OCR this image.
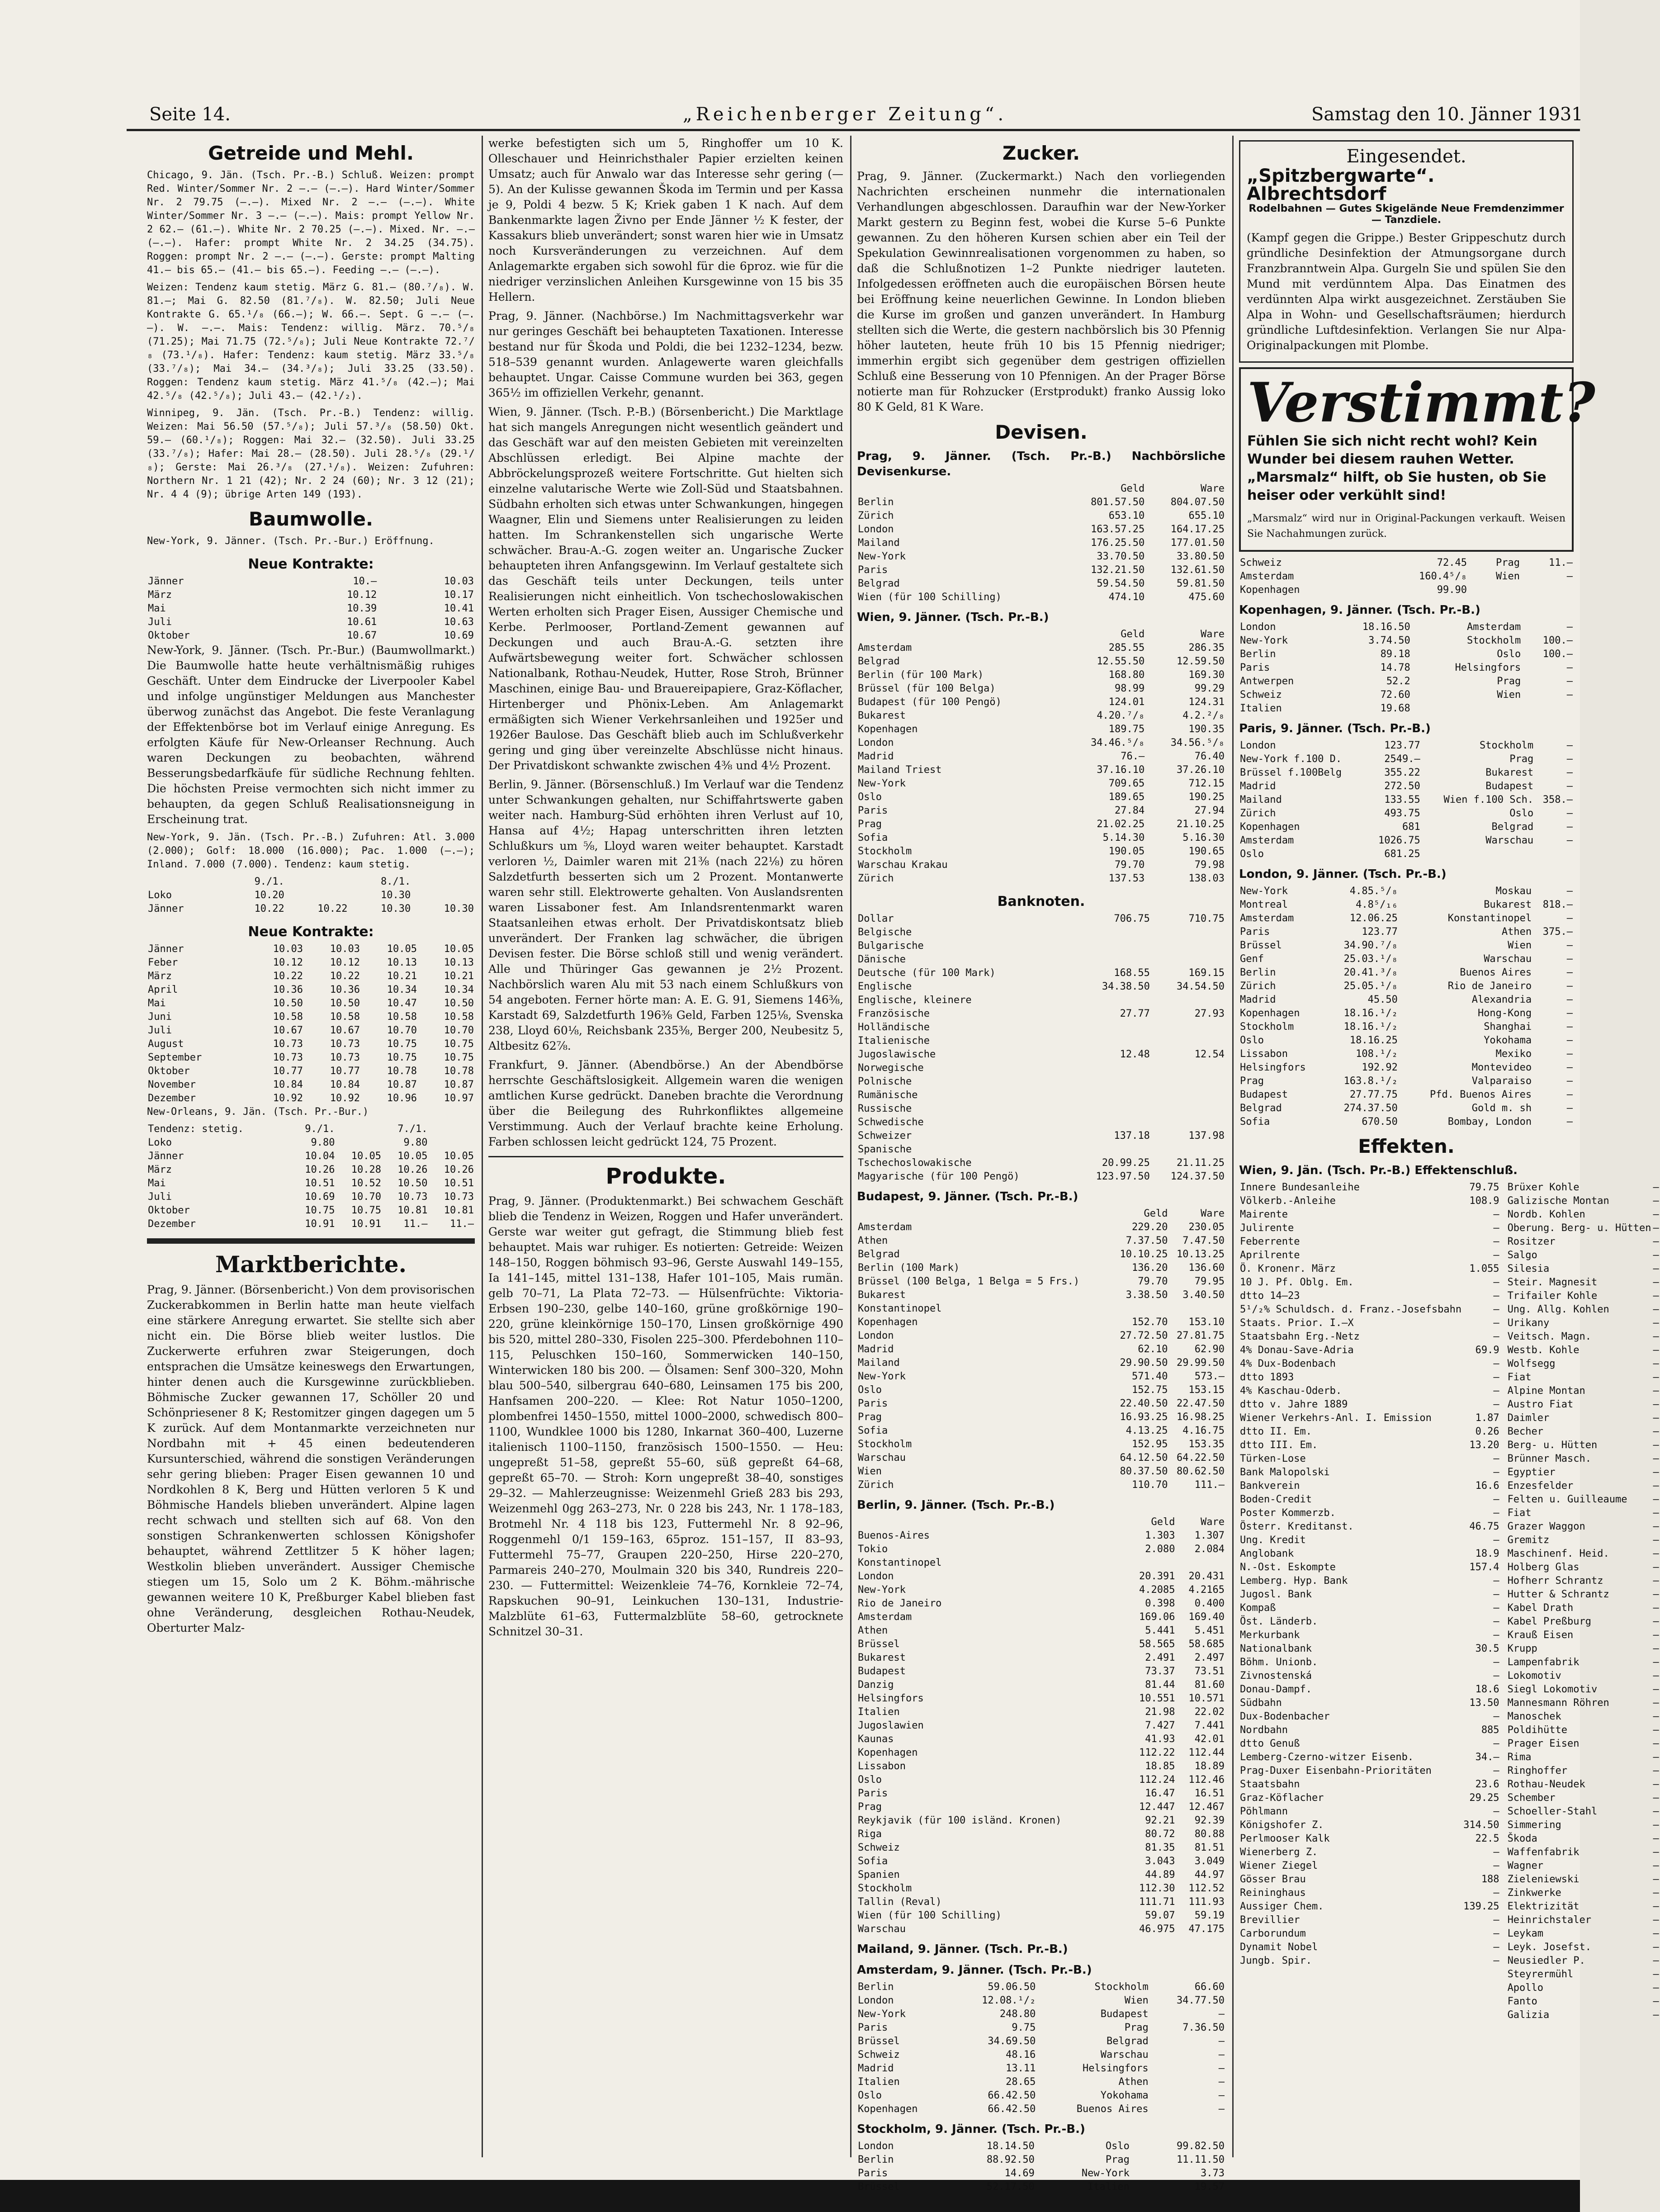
Seite 14.	„Reichenberger Zeitung“.	Samstag den 10. Jänner 1931
Getreide und Mehl.

Chicago, 9. Jän. (Tsch. Pr.-B.) Schluß. Weizen: prompt Red. Winter/Sommer Nr. 2 —.— (—.—). Hard Winter/Sommer Nr. 2 79.75 (—.—). Mixed Nr. 2 —.— (—.—). White Winter/Sommer Nr. 3 —.— (—.—). Mais: prompt Yellow Nr. 2 62.— (61.—). White Nr. 2 70.25 (—.—). Mixed. Nr. —.— (—.—). Hafer: prompt White Nr. 2 34.25 (34.75). Roggen: prompt Nr. 2 —.— (—.—). Gerste: prompt Malting 41.— bis 65.— (41.— bis 65.—). Feeding —.— (—.—).

Weizen: Tendenz kaum stetig. März G. 81.— (80.⁷/₈). W. 81.—; Mai G. 82.50 (81.⁷/₈). W. 82.50; Juli Neue Kontrakte G. 65.¹/₈ (66.—); W. 66.—. Sept. G —.— (—.—). W. —.—. Mais: Tendenz: willig. März. 70.⁵/₈ (71.25); Mai 71.75 (72.⁵/₈); Juli Neue Kontrakte 72.⁷/₈ (73.¹/₈). Hafer: Tendenz: kaum stetig. März 33.⁵/₈ (33.⁷/₈); Mai 34.— (34.³/₈); Juli 33.25 (33.50). Roggen: Tendenz kaum stetig. März 41.⁵/₈ (42.—); Mai 42.⁵/₈ (42.⁵/₈); Juli 43.— (42.¹/₂).

Winnipeg, 9. Jän. (Tsch. Pr.-B.) Tendenz: willig. Weizen: Mai 56.50 (57.⁵/₈); Juli 57.³/₈ (58.50) Okt. 59.— (60.¹/₈); Roggen: Mai 32.— (32.50). Juli 33.25 (33.⁷/₈); Hafer: Mai 28.— (28.50). Juli 28.⁵/₈ (29.¹/₈); Gerste: Mai 26.³/₈ (27.¹/₈). Weizen: Zufuhren: Northern Nr. 1 21 (42); Nr. 2 24 (60); Nr. 3 12 (21); Nr. 4 4 (9); übrige Arten 149 (193).

Baumwolle.

New-York, 9. Jänner. (Tsch. Pr.-Bur.) Eröffnung.

Neue Kontrakte:
Jänner	10.—	10.03
März	10.12	10.17
Mai	10.39	10.41
Juli	10.61	10.63
Oktober	10.67	10.69

New-York, 9. Jänner. (Tsch. Pr.-Bur.) (Baumwollmarkt.) Die Baumwolle hatte heute verhältnismäßig ruhiges Geschäft. Unter dem Eindrucke der Liverpooler Kabel und infolge ungünstiger Meldungen aus Manchester überwog zunächst das Angebot. Die feste Veranlagung der Effektenbörse bot im Verlauf einige Anregung. Es erfolgten Käufe für New-Orleanser Rechnung. Auch waren Deckungen zu beobachten, während Besserungsbedarfkäufe für südliche Rechnung fehlten. Die höchsten Preise vermochten sich nicht immer zu behaupten, da gegen Schluß Realisationsneigung in Erscheinung trat.

New-York, 9. Jän. (Tsch. Pr.-B.) Zufuhren: Atl. 3.000 (2.000); Golf: 18.000 (16.000); Pac. 1.000 (—.—); Inland. 7.000 (7.000). Tendenz: kaum stetig.

	9./1.		8./1.	
Loko	10.20		10.30	
Jänner	10.22	10.22	10.30	10.30
Neue Kontrakte:
Jänner	10.03	10.03	10.05	10.05
Feber	10.12	10.12	10.13	10.13
März	10.22	10.22	10.21	10.21
April	10.36	10.36	10.34	10.34
Mai	10.50	10.50	10.47	10.50
Juni	10.58	10.58	10.58	10.58
Juli	10.67	10.67	10.70	10.70
August	10.73	10.73	10.75	10.75
September	10.73	10.73	10.75	10.75
Oktober	10.77	10.77	10.78	10.78
November	10.84	10.84	10.87	10.87
Dezember	10.92	10.92	10.96	10.97

New-Orleans, 9. Jän. (Tsch. Pr.-Bur.)

Tendenz: stetig.	9./1.		7./1.	
Loko	9.80		9.80	
Jänner	10.04	10.05	10.05	10.05
März	10.26	10.28	10.26	10.26
Mai	10.51	10.52	10.50	10.51
Juli	10.69	10.70	10.73	10.73
Oktober	10.75	10.75	10.81	10.81
Dezember	10.91	10.91	11.—	11.—
Marktberichte.

Prag, 9. Jänner. (Börsenbericht.) Von dem provisorischen Zuckerabkommen in Berlin hatte man heute vielfach eine stärkere Anregung erwartet. Sie stellte sich aber nicht ein. Die Börse blieb weiter lustlos. Die Zuckerwerte erfuhren zwar Steigerungen, doch entsprachen die Umsätze keineswegs den Erwartungen, hinter denen auch die Kursgewinne zurückblieben. Böhmische Zucker gewannen 17, Schöller 20 und Schönpriesener 8 K; Restomitzer gingen dagegen um 5 K zurück. Auf dem Montanmarkte verzeichneten nur Nordbahn mit + 45 einen bedeutenderen Kursunterschied, während die sonstigen Veränderungen sehr gering blieben: Prager Eisen gewannen 10 und Nordkohlen 8 K, Berg und Hütten verloren 5 K und Böhmische Handels blieben unverändert. Alpine lagen recht schwach und stellten sich auf 68. Von den sonstigen Schrankenwerten schlossen Königshofer behauptet, während Zettlitzer 5 K höher lagen; Westkolin blieben unverändert. Aussiger Chemische stiegen um 15, Solo um 2 K. Böhm.-mährische gewannen weitere 10 K, Preßburger Kabel blieben fast ohne Veränderung, desgleichen Rothau-Neudek, Oberturter Malz-

werke befestigten sich um 5, Ringhoffer um 10 K. Olleschauer und Heinrichsthaler Papier erzielten keinen Umsatz; auch für Anwalo war das Interesse sehr gering (— 5). An der Kulisse gewannen Škoda im Termin und per Kassa je 9, Poldi 4 bezw. 5 K; Kriek gaben 1 K nach. Auf dem Bankenmarkte lagen Živno per Ende Jänner ½ K fester, der Kassakurs blieb unverändert; sonst waren hier wie in Umsatz noch Kursveränderungen zu verzeichnen. Auf dem Anlagemarkte ergaben sich sowohl für die 6proz. wie für die niedriger verzinslichen Anleihen Kursgewinne von 15 bis 35 Hellern.

Prag, 9. Jänner. (Nachbörse.) Im Nachmittagsverkehr war nur geringes Geschäft bei behaupteten Taxationen. Interesse bestand nur für Škoda und Poldi, die bei 1232–1234, bezw. 518–539 genannt wurden. Anlagewerte waren gleichfalls behauptet. Ungar. Caisse Commune wurden bei 363, gegen 365½ im offiziellen Verkehr, genannt.

Wien, 9. Jänner. (Tsch. P.-B.) (Börsenbericht.) Die Marktlage hat sich mangels Anregungen nicht wesentlich geändert und das Geschäft war auf den meisten Gebieten mit vereinzelten Abschlüssen erledigt. Bei Alpine machte der Abbröckelungsprozeß weitere Fortschritte. Gut hielten sich einzelne valutarische Werte wie Zoll-Süd und Staatsbahnen. Südbahn erholten sich etwas unter Schwankungen, hingegen Waagner, Elin und Siemens unter Realisierungen zu leiden hatten. Im Schrankenstellen sich ungarische Werte schwächer. Brau-A.-G. zogen weiter an. Ungarische Zucker behaupteten ihren Anfangsgewinn. Im Verlauf gestaltete sich das Geschäft teils unter Deckungen, teils unter Realisierungen nicht einheitlich. Von tschechoslowakischen Werten erholten sich Prager Eisen, Aussiger Chemische und Kerbe. Perlmooser, Portland-Zement gewannen auf Deckungen und auch Brau-A.-G. setzten ihre Aufwärtsbewegung weiter fort. Schwächer schlossen Nationalbank, Rothau-Neudek, Hutter, Rose Stroh, Brünner Maschinen, einige Bau- und Brauereipapiere, Graz-Köflacher, Hirtenberger und Phönix-Leben. Am Anlagemarkt ermäßigten sich Wiener Verkehrsanleihen und 1925er und 1926er Baulose. Das Geschäft blieb auch im Schlußverkehr gering und ging über vereinzelte Abschlüsse nicht hinaus. Der Privatdiskont schwankte zwischen 4⅜ und 4½ Prozent.

Berlin, 9. Jänner. (Börsenschluß.) Im Verlauf war die Tendenz unter Schwankungen gehalten, nur Schiffahrtswerte gaben weiter nach. Hamburg-Süd erhöhten ihren Verlust auf 10, Hansa auf 4½; Hapag unterschritten ihren letzten Schlußkurs um ⅝, Lloyd waren weiter behauptet. Karstadt verloren ½, Daimler waren mit 21⅜ (nach 22⅛) zu hören Salzdetfurth besserten sich um 2 Prozent. Montanwerte waren sehr still. Elektrowerte gehalten. Von Auslandsrenten waren Lissaboner fest. Am Inlandsrentenmarkt waren Staatsanleihen etwas erholt. Der Privatdiskontsatz blieb unverändert. Der Franken lag schwächer, die übrigen Devisen fester. Die Börse schloß still und wenig verändert. Alle und Thüringer Gas gewannen je 2½ Prozent. Nachbörslich waren Alu mit 53 nach einem Schlußkurs von 54 angeboten. Ferner hörte man: A. E. G. 91, Siemens 146⅜, Karstadt 69, Salzdetfurth 196⅜ Geld, Farben 125⅛, Svenska 238, Lloyd 60⅛, Reichsbank 235⅜, Berger 200, Neubesitz 5, Altbesitz 62⅞.

Frankfurt, 9. Jänner. (Abendbörse.) An der Abendbörse herrschte Geschäftslosigkeit. Allgemein waren die wenigen amtlichen Kurse gedrückt. Daneben brachte die Verordnung über die Beilegung des Ruhrkonfliktes allgemeine Verstimmung. Auch der Verlauf brachte keine Erholung. Farben schlossen leicht gedrückt 124, 75 Prozent.

Produkte.

Prag, 9. Jänner. (Produktenmarkt.) Bei schwachem Geschäft blieb die Tendenz in Weizen, Roggen und Hafer unverändert. Gerste war weiter gut gefragt, die Stimmung blieb fest behauptet. Mais war ruhiger. Es notierten: Getreide: Weizen 148–150, Roggen böhmisch 93–96, Gerste Auswahl 149–155, Ia 141–145, mittel 131–138, Hafer 101–105, Mais rumän. gelb 70–71, La Plata 72–73. — Hülsenfrüchte: Viktoria-Erbsen 190–230, gelbe 140–160, grüne großkörnige 190–220, grüne kleinkörnige 150–170, Linsen großkörnige 490 bis 520, mittel 280–330, Fisolen 225–300. Pferdebohnen 110–115, Peluschken 150–160, Sommerwicken 140–150, Winterwicken 180 bis 200. — Ölsamen: Senf 300–320, Mohn blau 500–540, silbergrau 640–680, Leinsamen 175 bis 200, Hanfsamen 200–220. — Klee: Rot Natur 1050–1200, plombenfrei 1450–1550, mittel 1000–2000, schwedisch 800–1100, Wundklee 1000 bis 1280, Inkarnat 360–400, Luzerne italienisch 1100–1150, französisch 1500–1550. — Heu: ungepreßt 51–58, gepreßt 55–60, süß gepreßt 64–68, gepreßt 65–70. — Stroh: Korn ungepreßt 38–40, sonstiges 29–32. — Mahlerzeugnisse: Weizenmehl Grieß 283 bis 293, Weizenmehl 0gg 263–273, Nr. 0 228 bis 243, Nr. 1 178–183, Brotmehl Nr. 4 118 bis 123, Futtermehl Nr. 8 92–96, Roggenmehl 0/1 159–163, 65proz. 151–157, II 83–93, Futtermehl 75–77, Graupen 220–250, Hirse 220–270, Parmareis 240–270, Moulmain 320 bis 340, Rundreis 220–230. — Futtermittel: Weizenkleie 74–76, Kornkleie 72–74, Rapskuchen 90–91, Leinkuchen 130–131, Industrie-Malzblüte 61–63, Futtermalzblüte 58–60, getrocknete Schnitzel 30–31.

Zucker.

Prag, 9. Jänner. (Zuckermarkt.) Nach den vorliegenden Nachrichten erscheinen nunmehr die internationalen Verhandlungen abgeschlossen. Daraufhin war der New-Yorker Markt gestern zu Beginn fest, wobei die Kurse 5–6 Punkte gewannen. Zu den höheren Kursen schien aber ein Teil der Spekulation Gewinnrealisationen vorgenommen zu haben, so daß die Schlußnotizen 1–2 Punkte niedriger lauteten. Infolgedessen eröffneten auch die europäischen Börsen heute bei Eröffnung keine neuerlichen Gewinne. In London blieben die Kurse im großen und ganzen unverändert. In Hamburg stellten sich die Werte, die gestern nachbörslich bis 30 Pfennig höher lauteten, heute früh 10 bis 15 Pfennig niedriger; immerhin ergibt sich gegenüber dem gestrigen offiziellen Schluß eine Besserung von 10 Pfennigen. An der Prager Börse notierte man für Rohzucker (Erstprodukt) franko Aussig loko 80 K Geld, 81 K Ware.

Devisen.

Prag, 9. Jänner. (Tsch. Pr.-B.) Nachbörsliche Devisenkurse.

	Geld	Ware
Berlin	801.57.50	804.07.50
Zürich	653.10	655.10
London	163.57.25	164.17.25
Mailand	176.25.50	177.01.50
New-York	33.70.50	33.80.50
Paris	132.21.50	132.61.50
Belgrad	59.54.50	59.81.50
Wien (für 100 Schilling)	474.10	475.60

Wien, 9. Jänner. (Tsch. Pr.-B.)

	Geld	Ware
Amsterdam	285.55	286.35
Belgrad	12.55.50	12.59.50
Berlin (für 100 Mark)	168.80	169.30
Brüssel (für 100 Belga)	98.99	99.29
Budapest (für 100 Pengö)	124.01	124.31
Bukarest	4.20.⁷/₈	4.2.²/₈
Kopenhagen	189.75	190.35
London	34.46.⁵/₈	34.56.⁵/₈
Madrid	76.—	76.40
Mailand Triest	37.16.10	37.26.10
New-York	709.65	712.15
Oslo	189.65	190.25
Paris	27.84	27.94
Prag	21.02.25	21.10.25
Sofia	5.14.30	5.16.30
Stockholm	190.05	190.65
Warschau Krakau	79.70	79.98
Zürich	137.53	138.03
Banknoten.
Dollar	706.75	710.75
Belgische		
Bulgarische		
Dänische		
Deutsche (für 100 Mark)	168.55	169.15
Englische	34.38.50	34.54.50
Englische, kleinere		
Französische	27.77	27.93
Holländische		
Italienische		
Jugoslawische	12.48	12.54
Norwegische		
Polnische		
Rumänische		
Russische		
Schwedische		
Schweizer	137.18	137.98
Spanische		
Tschechoslowakische	20.99.25	21.11.25
Magyarische (für 100 Pengö)	123.97.50	124.37.50

Budapest, 9. Jänner. (Tsch. Pr.-B.)

	Geld	Ware
Amsterdam	229.20	230.05
Athen	7.37.50	7.47.50
Belgrad	10.10.25	10.13.25
Berlin (100 Mark)	136.20	136.60
Brüssel (100 Belga, 1 Belga = 5 Frs.)	79.70	79.95
Bukarest	3.38.50	3.40.50
Konstantinopel		
Kopenhagen	152.70	153.10
London	27.72.50	27.81.75
Madrid	62.10	62.90
Mailand	29.90.50	29.99.50
New-York	571.40	573.—
Oslo	152.75	153.15
Paris	22.40.50	22.47.50
Prag	16.93.25	16.98.25
Sofia	4.13.25	4.16.75
Stockholm	152.95	153.35
Warschau	64.12.50	64.22.50
Wien	80.37.50	80.62.50
Zürich	110.70	111.—

Berlin, 9. Jänner. (Tsch. Pr.-B.)

	Geld	Ware
Buenos-Aires	1.303	1.307
Tokio	2.080	2.084
Konstantinopel		
London	20.391	20.431
New-York	4.2085	4.2165
Rio de Janeiro	0.398	0.400
Amsterdam	169.06	169.40
Athen	5.441	5.451
Brüssel	58.565	58.685
Bukarest	2.491	2.497
Budapest	73.37	73.51
Danzig	81.44	81.60
Helsingfors	10.551	10.571
Italien	21.98	22.02
Jugoslawien	7.427	7.441
Kaunas	41.93	42.01
Kopenhagen	112.22	112.44
Lissabon	18.85	18.89
Oslo	112.24	112.46
Paris	16.47	16.51
Prag	12.447	12.467
Reykjavik (für 100 isländ. Kronen)	92.21	92.39
Riga	80.72	80.88
Schweiz	81.35	81.51
Sofia	3.043	3.049
Spanien	44.89	44.97
Stockholm	112.30	112.52
Tallin (Reval)	111.71	111.93
Wien (für 100 Schilling)	59.07	59.19
Warschau	46.975	47.175

Mailand, 9. Jänner. (Tsch. Pr.-B.)

Amsterdam, 9. Jänner. (Tsch. Pr.-B.)

Berlin	59.06.50	Stockholm	66.60
London	12.08.¹/₂	Wien	34.77.50
New-York	248.80	Budapest	—
Paris	9.75	Prag	7.36.50
Brüssel	34.69.50	Belgrad	—
Schweiz	48.16	Warschau	—
Madrid	13.11	Helsingfors	—
Italien	28.65	Athen	—
Oslo	66.42.50	Yokohama	—
Kopenhagen	66.42.50	Buenos Aires	—

Stockholm, 9. Jänner. (Tsch. Pr.-B.)

London	18.14.50	Oslo	99.82.50
Berlin	88.92.50	Prag	11.11.50
Paris	14.69	New-York	3.73
Brüssel	52.17.50	Italien	19.57
Eingesendet.
„Spitzbergwarte“. Albrechtsdorf
Rodelbahnen — Gutes Skigelände Neue Fremdenzimmer — Tanzdiele.

(Kampf gegen die Grippe.) Bester Grippeschutz durch gründliche Desinfektion der Atmungsorgane durch Franzbranntwein Alpa. Gurgeln Sie und spülen Sie den Mund mit verdünntem Alpa. Das Einatmen des verdünnten Alpa wirkt ausgezeichnet. Zerstäuben Sie Alpa in Wohn- und Gesellschaftsräumen; hierdurch gründliche Luftdesinfektion. Verlangen Sie nur Alpa-Originalpackungen mit Plombe.

Verstimmt?
Fühlen Sie sich nicht recht wohl? Kein Wunder bei diesem rauhen Wetter. „Marsmalz“ hilft, ob Sie husten, ob Sie heiser oder verkühlt sind!

„Marsmalz“ wird nur in Original-Packungen verkauft. Weisen Sie Nachahmungen zurück.

Schweiz	72.45	Prag	11.—
Amsterdam	160.4⁵/₈	Wien	—
Kopenhagen	99.90		

Kopenhagen, 9. Jänner. (Tsch. Pr.-B.)

London	18.16.50	Amsterdam	—
New-York	3.74.50	Stockholm	100.—
Berlin	89.18	Oslo	100.—
Paris	14.78	Helsingfors	—
Antwerpen	52.2	Prag	—
Schweiz	72.60	Wien	—
Italien	19.68		

Paris, 9. Jänner. (Tsch. Pr.-B.)

London	123.77	Stockholm	—
New-York f.100 D.	2549.—	Prag	—
Brüssel f.100Belg	355.22	Bukarest	—
Madrid	272.50	Budapest	—
Mailand	133.55	Wien f.100 Sch.	358.—
Zürich	493.75	Oslo	—
Kopenhagen	681	Belgrad	—
Amsterdam	1026.75	Warschau	—
Oslo	681.25		

London, 9. Jänner. (Tsch. Pr.-B.)

New-York	4.85.⁵/₈	Moskau	—
Montreal	4.8⁵/₁₆	Bukarest	818.—
Amsterdam	12.06.25	Konstantinopel	—
Paris	123.77	Athen	375.—
Brüssel	34.90.⁷/₈	Wien	—
Genf	25.03.¹/₈	Warschau	—
Berlin	20.41.³/₈	Buenos Aires	—
Zürich	25.05.¹/₈	Rio de Janeiro	—
Madrid	45.50	Alexandria	—
Kopenhagen	18.16.¹/₂	Hong-Kong	—
Stockholm	18.16.¹/₂	Shanghai	—
Oslo	18.16.25	Yokohama	—
Lissabon	108.¹/₂	Mexiko	—
Helsingfors	192.92	Montevideo	—
Prag	163.8.¹/₂	Valparaiso	—
Budapest	27.77.75	Pfd. Buenos Aires	—
Belgrad	274.37.50	Gold m. sh	—
Sofia	670.50	Bombay, London	—
Effekten.

Wien, 9. Jän. (Tsch. Pr.-B.) Effektenschluß.

Innere Bundesanleihe	79.75
Völkerb.-Anleihe	108.9
Mairente	—
Julirente	—
Feberrente	—
Aprilrente	—
Ö. Kronenr. März	1.055
10 J. Pf. Oblg. Em.	—
dtto 14–23	—
5¹/₂% Schuldsch. d. Franz.-Josefsbahn	—
Staats. Prior. I.–X	—
Staatsbahn Erg.-Netz	—
4% Donau-Save-Adria	69.9
4% Dux-Bodenbach	—
dtto 1893	—
4% Kaschau-Oderb.	—
dtto v. Jahre 1889	—
Wiener Verkehrs-Anl. I. Emission	1.87
dtto II. Em.	0.26
dtto III. Em.	13.20
Türken-Lose	—
Bank Malopolski	—
Bankverein	16.6
Boden-Credit	—
Poster Kommerzb.	—
Österr. Kreditanst.	46.75
Ung. Kredit	—
Anglobank	18.9
N.-Ost. Eskompte	157.4
Lemberg. Hyp. Bank	—
Jugosl. Bank	—
Kompaß	—
Öst. Länderb.	—
Merkurbank	—
Nationalbank	30.5
Böhm. Unionb.	—
Zivnostenská	—
Donau-Dampf.	18.6
Südbahn	13.50
Dux-Bodenbacher	—
Nordbahn	885
dtto Genuß	—
Lemberg-Czerno-witzer Eisenb.	34.—
Prag-Duxer Eisenbahn-Prioritäten	—
Staatsbahn	23.6
Graz-Köflacher	29.25
Pöhlmann	—
Königshofer Z.	314.50
Perlmooser Kalk	22.5
Wienerberg Z.	—
Wiener Ziegel	—
Gösser Brau	188
Reininghaus	—
Aussiger Chem.	139.25
Brevillier	—
Carborundum	—
Dynamit Nobel	—
Jungb. Spir.	—
Brüxer Kohle	—
Galizische Montan	—
Nordb. Kohlen	—
Oberung. Berg- u. Hütten	—
Rositzer	—
Salgo	—
Silesia	—
Steir. Magnesit	—
Trifailer Kohle	—
Ung. Allg. Kohlen	—
Urikany	—
Veitsch. Magn.	—
Westb. Kohle	—
Wolfsegg	—
Fiat	—
Alpine Montan	—
Austro Fiat	—
Daimler	—
Becher	—
Berg- u. Hütten	—
Brünner Masch.	—
Egyptier	—
Enzesfelder	—
Felten u. Guilleaume	—
Fiat	—
Grazer Waggon	—
Gremitz	—
Maschinenf. Heid.	—
Holberg Glas	—
Hofherr Schrantz	—
Hutter & Schrantz	—
Kabel Drath	—
Kabel Preßburg	—
Krauß Eisen	—
Krupp	—
Lampenfabrik	—
Lokomotiv	—
Siegl Lokomotiv	—
Mannesmann Röhren	—
Manoschek	—
Poldihütte	—
Prager Eisen	—
Rima	—
Ringhoffer	—
Rothau-Neudek	—
Schember	—
Schoeller-Stahl	—
Simmering	—
Škoda	—
Waffenfabrik	—
Wagner	—
Zieleniewski	—
Zinkwerke	—
Elektrizität	—
Heinrichstaler	—
Leykam	—
Leyk. Josefst.	—
Neusiedler P.	—
Steyrermühl	—
Apollo	—
Fanto	—
Galizia	—
